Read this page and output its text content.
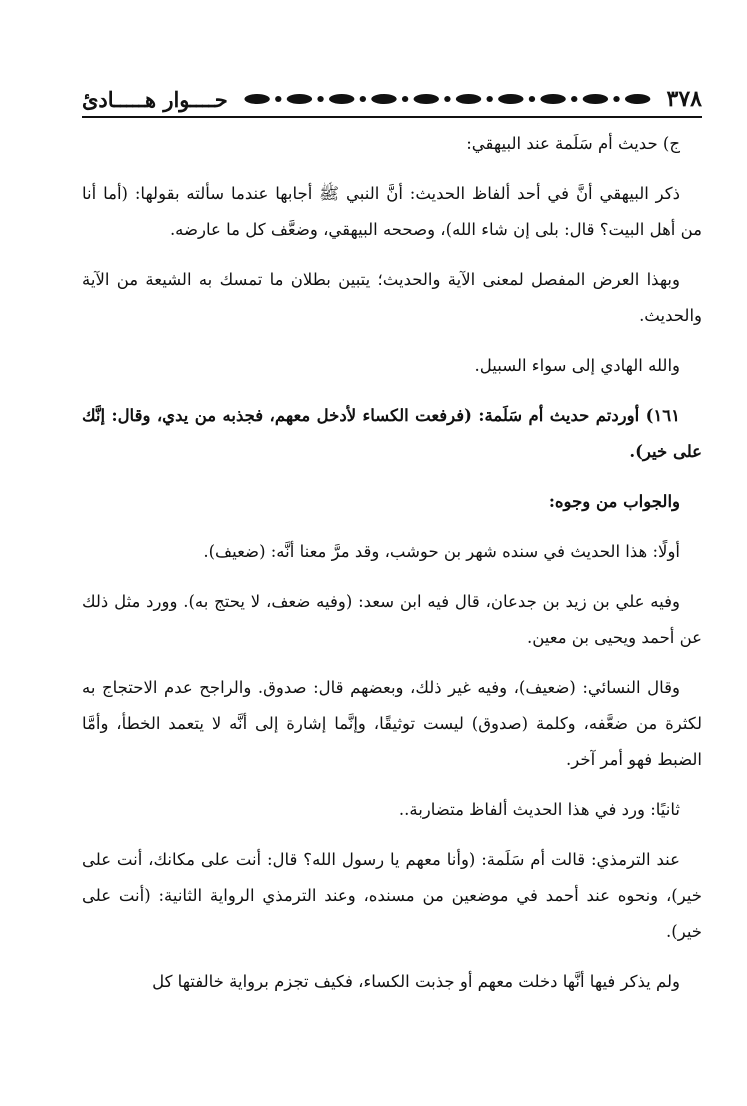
٣٧٨
حــــوار هـــــادئ

ج) حديث أم سَلَمة عند البيهقي:

ذكر البيهقي أنَّ في أحد ألفاظ الحديث: أنَّ النبي ﷺ أجابها عندما سألته بقولها: (أما أنا من أهل البيت؟ قال: بلى إن شاء الله)، وصححه البيهقي، وضعَّف كل ما عارضه.

وبهذا العرض المفصل لمعنى الآية والحديث؛ يتبين بطلان ما تمسك به الشيعة من الآية والحديث.

والله الهادي إلى سواء السبيل.

١٦١) أوردتم حديث أم سَلَمة: (فرفعت الكساء لأدخل معهم، فجذبه من يدي، وقال: إنَّك على خير).

والجواب من وجوه:

أولًا: هذا الحديث في سنده شهر بن حوشب، وقد مرَّ معنا أنَّه: (ضعيف).

وفيه علي بن زيد بن جدعان، قال فيه ابن سعد: (وفيه ضعف، لا يحتج به). وورد مثل ذلك عن أحمد ويحيى بن معين.

وقال النسائي: (ضعيف)، وفيه غير ذلك، وبعضهم قال: صدوق. والراجح عدم الاحتجاج به لكثرة من ضعَّفه، وكلمة (صدوق) ليست توثيقًا، وإنَّما إشارة إلى أنَّه لا يتعمد الخطأ، وأمَّا الضبط فهو أمر آخر.

ثانيًا: ورد في هذا الحديث ألفاظ متضاربة..

عند الترمذي: قالت أم سَلَمة: (وأنا معهم يا رسول الله؟ قال: أنت على مكانك، أنت على خير)، ونحوه عند أحمد في موضعين من مسنده، وعند الترمذي الرواية الثانية: (أنت على خير).

ولم يذكر فيها أنَّها دخلت معهم أو جذبت الكساء، فكيف تجزم برواية خالفتها كل
